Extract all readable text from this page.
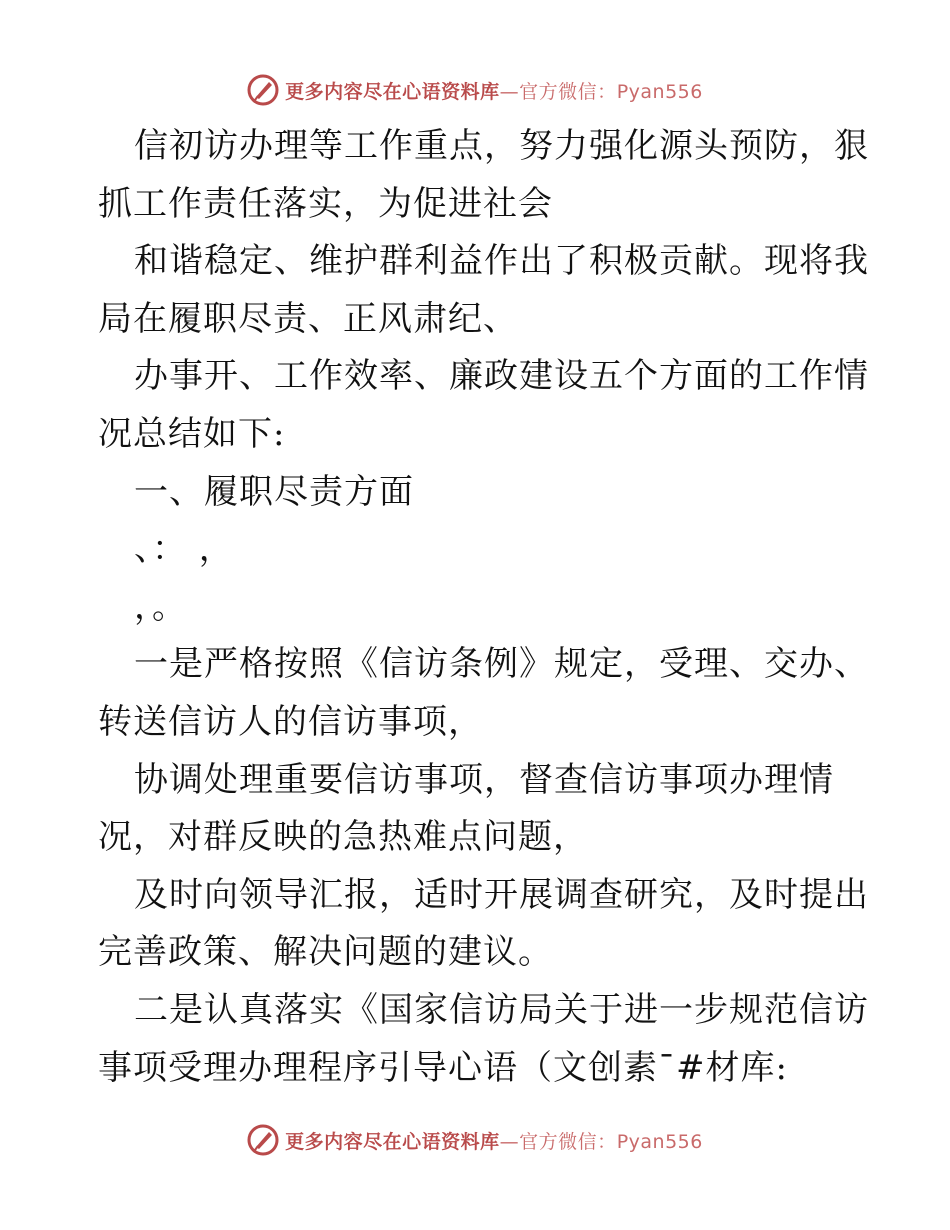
更多内容尽在心语资料库—官方微信：Pyan556
信初访办理等工作重点，努力强化源头预防，狠
抓工作责任落实，为促进社会
和谐稳定、维护群利益作出了积极贡献。现将我
局在履职尽责、正风肃纪、
办事开、工作效率、廉政建设五个方面的工作情
况总结如下:
一、履职尽责方面
、： ，
，。
一是严格按照《信访条例》规定，受理、交办、
转送信访人的信访事项，
协调处理重要信访事项，督查信访事项办理情
况，对群反映的急热难点问题，
及时向领导汇报，适时开展调查研究，及时提出
完善政策、解决问题的建议。
二是认真落实《国家信访局关于进一步规范信访
事项受理办理程序引导心语（文创素¯#材库:
更多内容尽在心语资料库—官方微信：Pyan556
